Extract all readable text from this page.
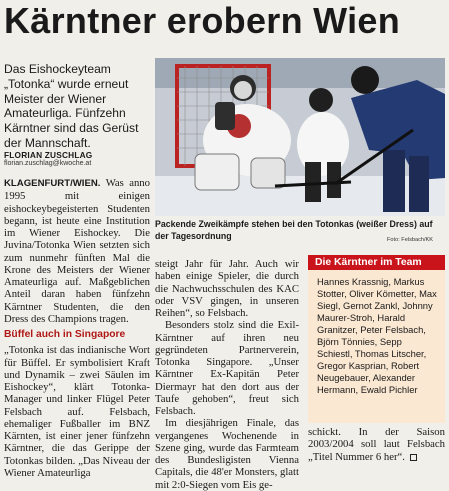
Kärntner erobern Wien
Das Eishockeyteam „Totonka“ wurde erneut Meister der Wiener Amateurliga. Fünfzehn Kärntner sind das Gerüst der Mannschaft.
FLORIAN ZUSCHLAG
florian.zuschlag@kwoche.at

KLAGENFURT/WIEN. Was anno 1995 mit einigen eishockeybegeisterten Studenten begann, ist heute eine Institution im Wiener Eishockey. Die Juvina/Totonka Wien setzten sich zum nunmehr fünften Mal die Krone des Meisters der Wiener Amateurliga auf. Maßgeblichen Anteil daran haben fünfzehn Kärntner Studenten, die den Dress des Champions tragen.

Büffel auch in Singapore

„Totonka ist das indianische Wort für Büffel. Er symbolisiert Kraft und Dynamik – zwei Säulen im Eishockey“, klärt Totonka-Manager und linker Flügel Peter Felsbach auf. Felsbach, ehemaliger Fußballer im BNZ Kärnten, ist einer jener fünfzehn Kärntner, die das Gerippe der Totonkas bilden. „Das Niveau der Wiener Amateurliga

Packende Zweikämpfe stehen bei den Totonkas (weißer Dress) auf der Tagesordnung	Foto: Felsbach/KK

steigt Jahr für Jahr. Auch wir haben einige Spieler, die durch die Nachwuchsschulen des KAC oder VSV gingen, in unseren Reihen“, so Felsbach.

Besonders stolz sind die Exil-Kärntner auf ihren neu gegründeten Partnerverein, Totonka Singapore. „Unser Kärntner Ex-Kapitän Peter Diermayr hat den dort aus der Taufe gehoben“, freut sich Felsbach.

Im diesjährigen Finale, das vergangenes Wochenende in Szene ging, wurde das Farmteam des Bundesligisten Vienna Capitals, die 48'er Monsters, glatt mit 2:0-Siegen vom Eis ge-

Die Kärntner im Team
Hannes Krassnig, Markus Stotter, Oliver Kömetter, Max Siegl, Gernot Zankl, Johnny Maurer-Stroh, Harald Granitzer, Peter Felsbach, Björn Tönnies, Sepp Schiestl, Thomas Litscher, Gregor Kasprian, Robert Neugebauer, Alexander Hermann, Ewald Pichler
schickt. In der Saison 2003/2004 soll laut Felsbach „Titel Nummer 6 her“.
